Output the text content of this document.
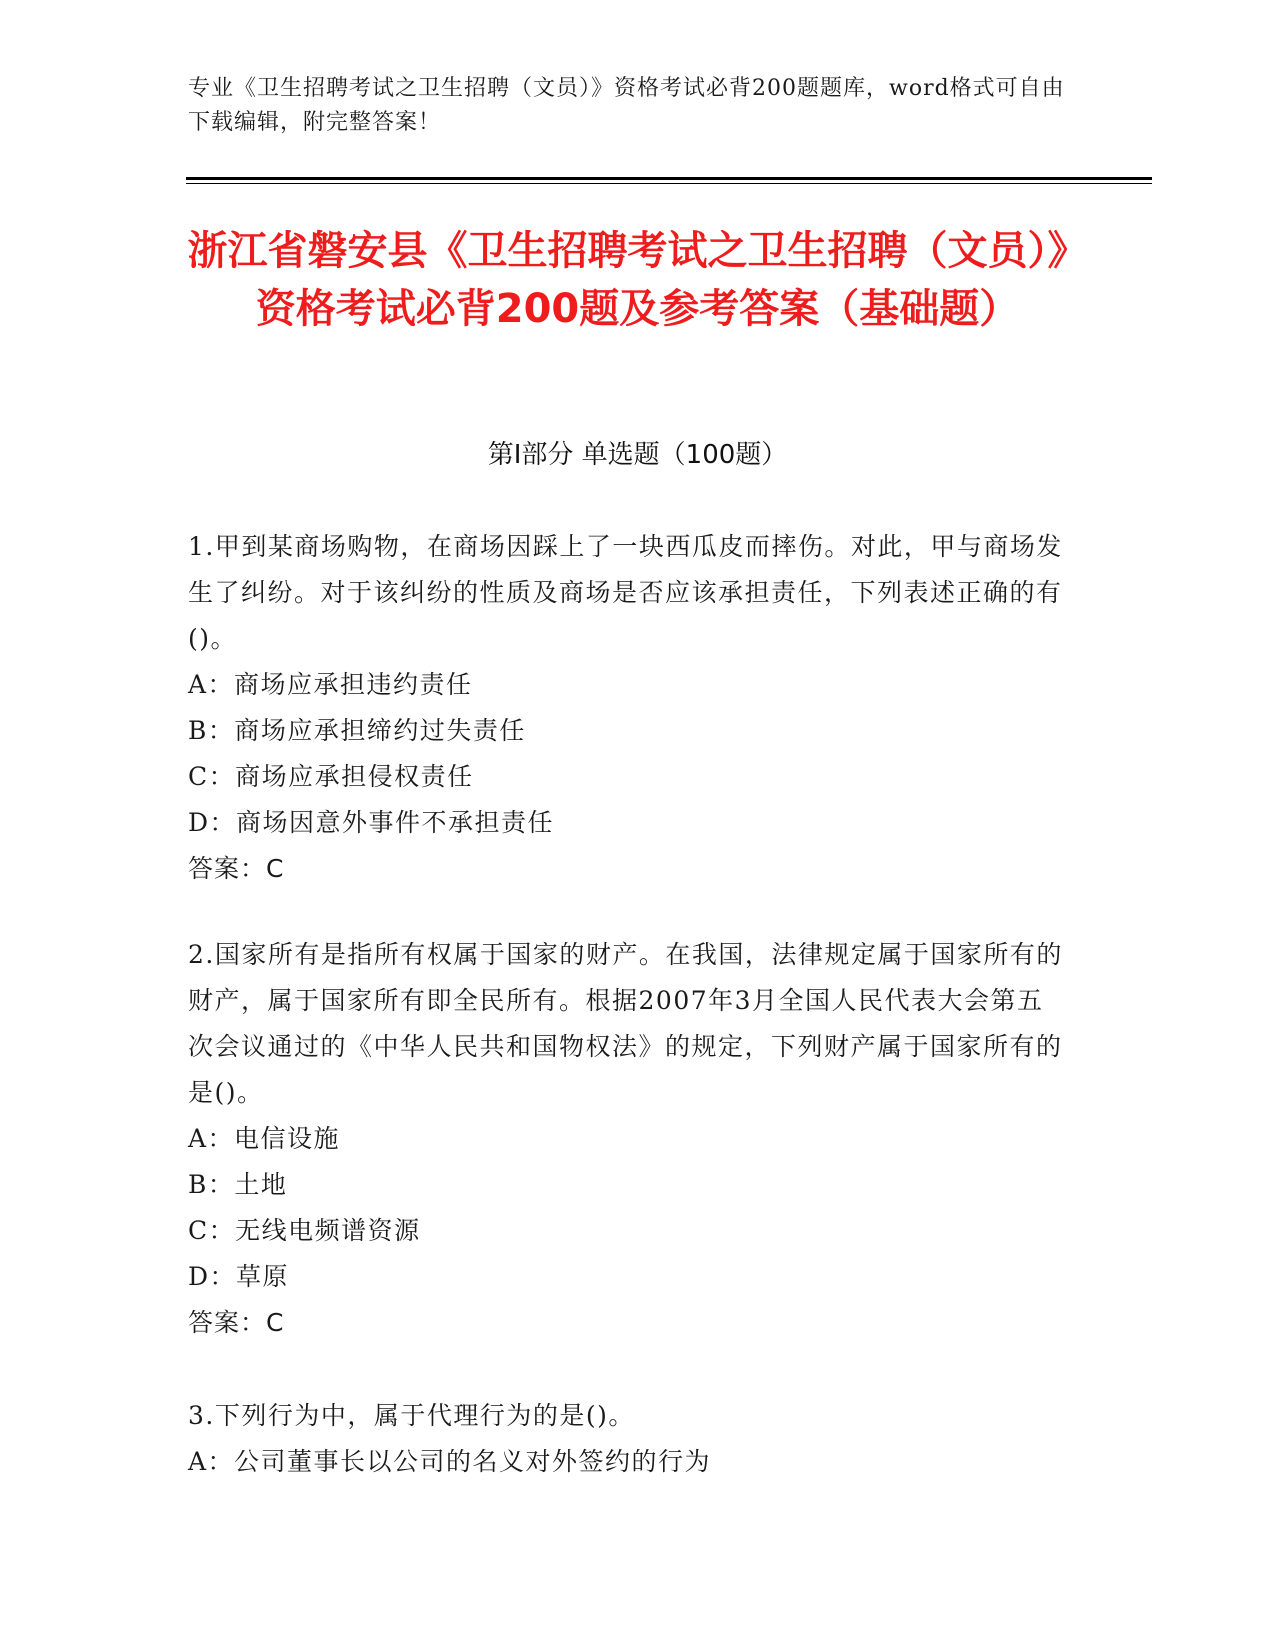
专业《卫生招聘考试之卫生招聘（文员）》资格考试必背200题题库，word格式可自由下载编辑，附完整答案！
浙江省磐安县《卫生招聘考试之卫生招聘（文员）》资格考试必背200题及参考答案（基础题）
第Ⅰ部分 单选题（100题）
1.甲到某商场购物，在商场因踩上了一块西瓜皮而摔伤。对此，甲与商场发生了纠纷。对于该纠纷的性质及商场是否应该承担责任，下列表述正确的有()。
A：商场应承担违约责任
B：商场应承担缔约过失责任
C：商场应承担侵权责任
D：商场因意外事件不承担责任
答案：C
2.国家所有是指所有权属于国家的财产。在我国，法律规定属于国家所有的财产，属于国家所有即全民所有。根据2007年3月全国人民代表大会第五次会议通过的《中华人民共和国物权法》的规定，下列财产属于国家所有的是()。
A：电信设施
B：土地
C：无线电频谱资源
D：草原
答案：C
3.下列行为中，属于代理行为的是()。
A：公司董事长以公司的名义对外签约的行为
